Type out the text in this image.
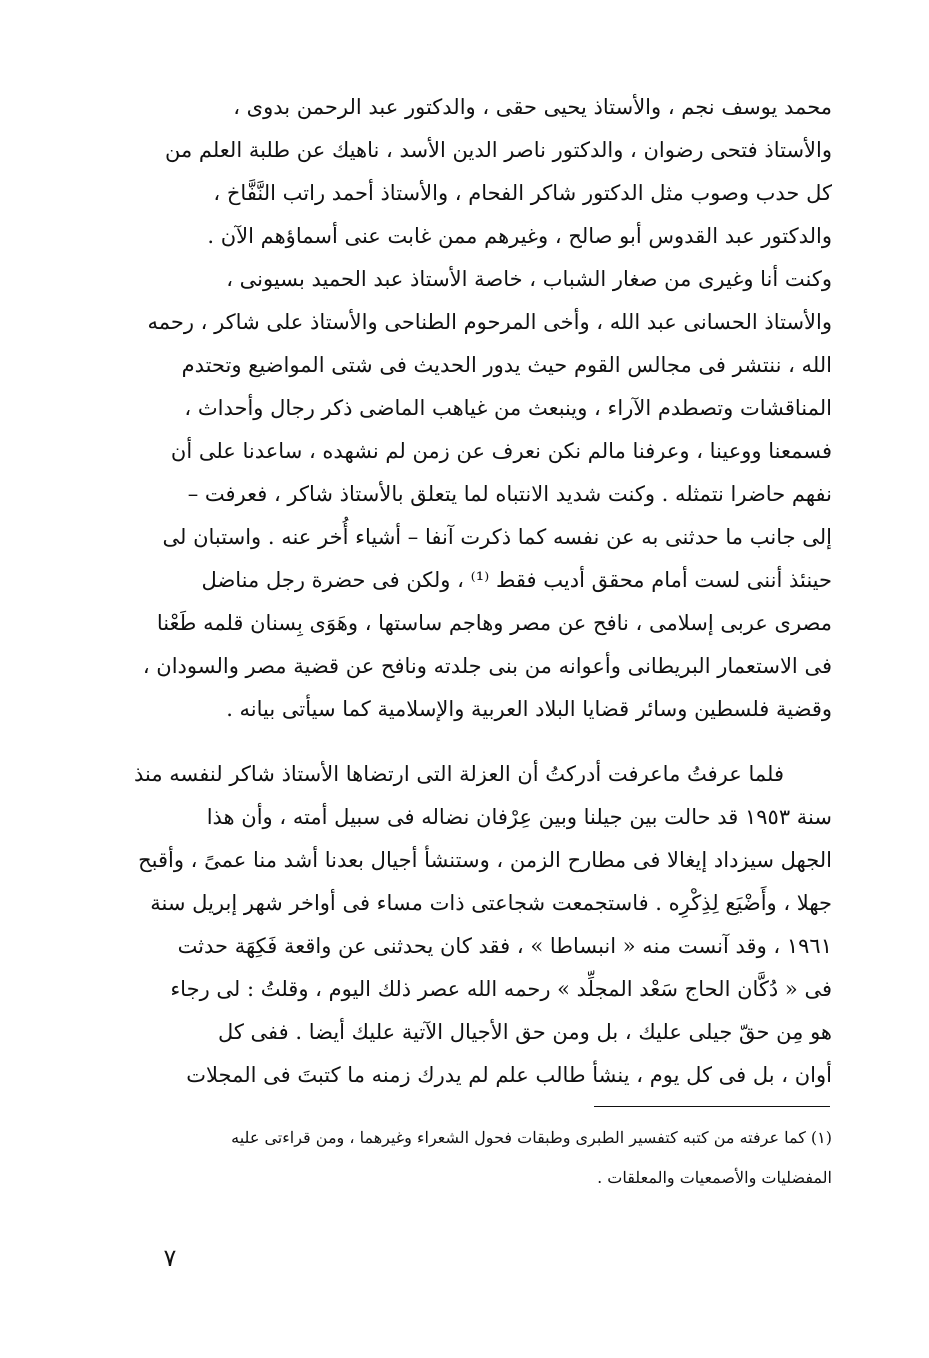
محمد يوسف نجم ، والأستاذ يحيى حقى ، والدكتور عبد الرحمن بدوى ،
والأستاذ فتحى رضوان ، والدكتور ناصر الدين الأسد ، ناهيك عن طلبة العلم من
كل حدب وصوب مثل الدكتور شاكر الفحام ، والأستاذ أحمد راتب النَّفَّاخ ،
والدكتور عبد القدوس أبو صالح ، وغيرهم ممن غابت عنى أسماؤهم الآن .
وكنت أنا وغيرى من صغار الشباب ، خاصة الأستاذ عبد الحميد بسيونى ،
والأستاذ الحسانى عبد الله ، وأخى المرحوم الطناحى والأستاذ على شاكر ، رحمه
الله ، ننتشر فى مجالس القوم حيث يدور الحديث فى شتى المواضيع وتحتدم
المناقشات وتصطدم الآراء ، وينبعث من غياهب الماضى ذكر رجال وأحداث ،
فسمعنا ووعينا ، وعرفنا مالم نكن نعرف عن زمن لم نشهده ، ساعدنا على أن
نفهم حاضرا نتمثله . وكنت شديد الانتباه لما يتعلق بالأستاذ شاكر ، فعرفت –
إلى جانب ما حدثنى به عن نفسه كما ذكرت آنفا – أشياء أُخر عنه . واستبان لى
حينئذ أننى لست أمام محقق أديب فقط ⁽¹⁾ ، ولكن فى حضرة رجل مناضل
مصرى عربى إسلامى ، نافح عن مصر وهاجم ساستها ، وهَوَى بِسنان قلمه طَعْنا
فى الاستعمار البريطانى وأعوانه من بنى جلدته ونافح عن قضية مصر والسودان ،
وقضية فلسطين وسائر قضايا البلاد العربية والإسلامية كما سيأتى بيانه .
فلما عرفتُ ماعرفت أدركتُ أن العزلة التى ارتضاها الأستاذ شاكر لنفسه منذ
سنة ١٩٥٣ قد حالت بين جيلنا وبين عِرْفان نضاله فى سبيل أمته ، وأن هذا
الجهل سيزداد إيغالا فى مطارح الزمن ، وستنشأ أجيال بعدنا أشد منا عمىً ، وأقبح
جهلا ، وأَضْيَع لِذِكْرِه . فاستجمعت شجاعتى ذات مساء فى أواخر شهر إبريل سنة
١٩٦١ ، وقد آنست منه « انبساطا » ، فقد كان يحدثنى عن واقعة فَكِهَة حدثت
فى « دُكَّان الحاج سَعْد المجلِّد » رحمه الله عصر ذلك اليوم ، وقلتُ : لى رجاء
هو مِن حقّ جيلى عليك ، بل ومن حق الأجيال الآتية عليك أيضا . ففى كل
أوان ، بل فى كل يوم ، ينشأ طالب علم لم يدرك زمنه ما كتبتَ فى المجلات
(١) كما عرفته من كتبه كتفسير الطبرى وطبقات فحول الشعراء وغيرهما ، ومن قراءتى عليه
المفضليات والأصمعيات والمعلقات .
٧
